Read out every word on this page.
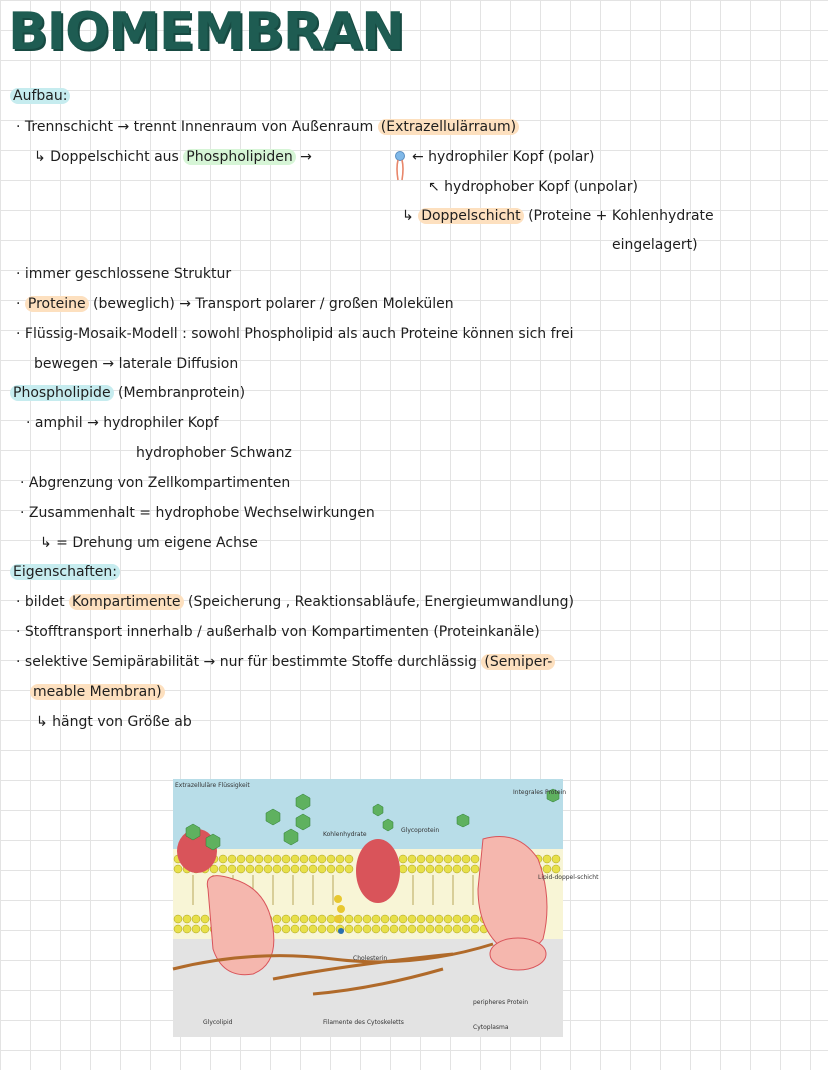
BIOMEMBRAN
Aufbau:
· Trennschicht → trennt Innenraum von Außenraum (Extrazellulärraum)
↳ Doppelschicht aus Phospholipiden →	← hydrophiler Kopf (polar)
↖ hydrophober Kopf (unpolar)
↳ Doppelschicht (Proteine + Kohlenhydrate
eingelagert)
· immer geschlossene Struktur
· Proteine (beweglich) → Transport polarer / großen Molekülen
· Flüssig-Mosaik-Modell : sowohl Phospholipid als auch Proteine können sich frei
bewegen → laterale Diffusion
Phospholipide (Membranprotein)
· amphil → hydrophiler Kopf
hydrophober Schwanz
· Abgrenzung von Zellkompartimenten
· Zusammenhalt = hydrophobe Wechselwirkungen
↳ = Drehung um eigene Achse
Eigenschaften:
· bildet Kompartimente (Speicherung , Reaktionsabläufe, Energieumwandlung)
· Stofftransport innerhalb / außerhalb von Kompartimenten (Proteinkanäle)
· selektive Semipärabilität → nur für bestimmte Stoffe durchlässig (Semiper-
meable Membran)
↳ hängt von Größe ab
Extrazelluläre Flüssigkeit
Kohlenhydrate
Glycoprotein
Integrales Protein
Lipid-doppel-schicht
Cholesterin
Glycolipid	Filamente des Cytoskeletts
peripheres Protein
Cytoplasma
